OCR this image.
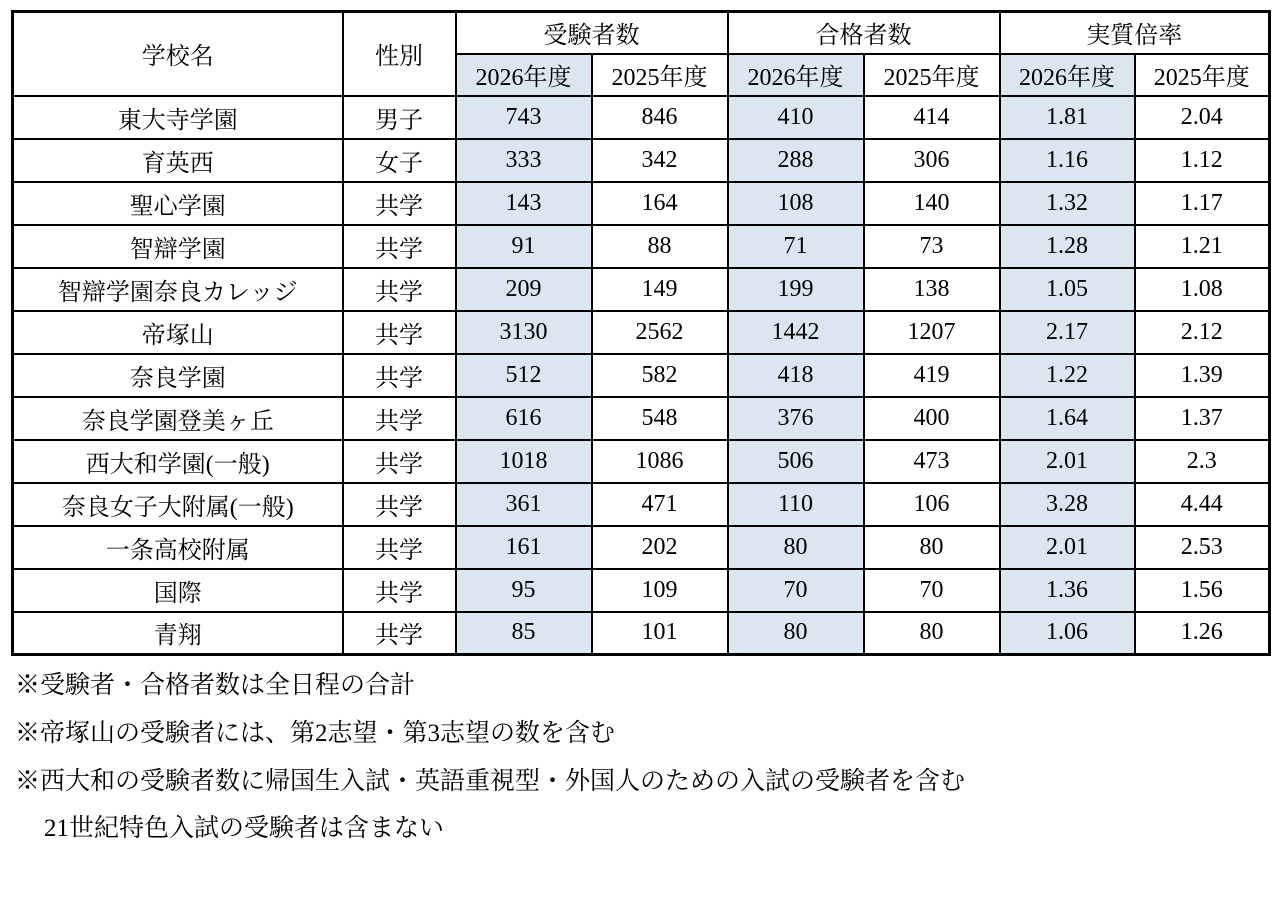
学校名	性別	受験者数		合格者数		実質倍率	
		2026年度	2025年度	2026年度	2025年度	2026年度	2025年度
東大寺学園	男子	743	846	410	414	1.81	2.04
育英西	女子	333	342	288	306	1.16	1.12
聖心学園	共学	143	164	108	140	1.32	1.17
智辯学園	共学	91	88	71	73	1.28	1.21
智辯学園奈良カレッジ	共学	209	149	199	138	1.05	1.08
帝塚山	共学	3130	2562	1442	1207	2.17	2.12
奈良学園	共学	512	582	418	419	1.22	1.39
奈良学園登美ヶ丘	共学	616	548	376	400	1.64	1.37
西大和学園(一般)	共学	1018	1086	506	473	2.01	2.3
奈良女子大附属(一般)	共学	361	471	110	106	3.28	4.44
一条高校附属	共学	161	202	80	80	2.01	2.53
国際	共学	95	109	70	70	1.36	1.56
青翔	共学	85	101	80	80	1.06	1.26
※受験者・合格者数は全日程の合計
※帝塚山の受験者には、第2志望・第3志望の数を含む
※西大和の受験者数に帰国生入試・英語重視型・外国人のための入試の受験者を含む
21世紀特色入試の受験者は含まない
